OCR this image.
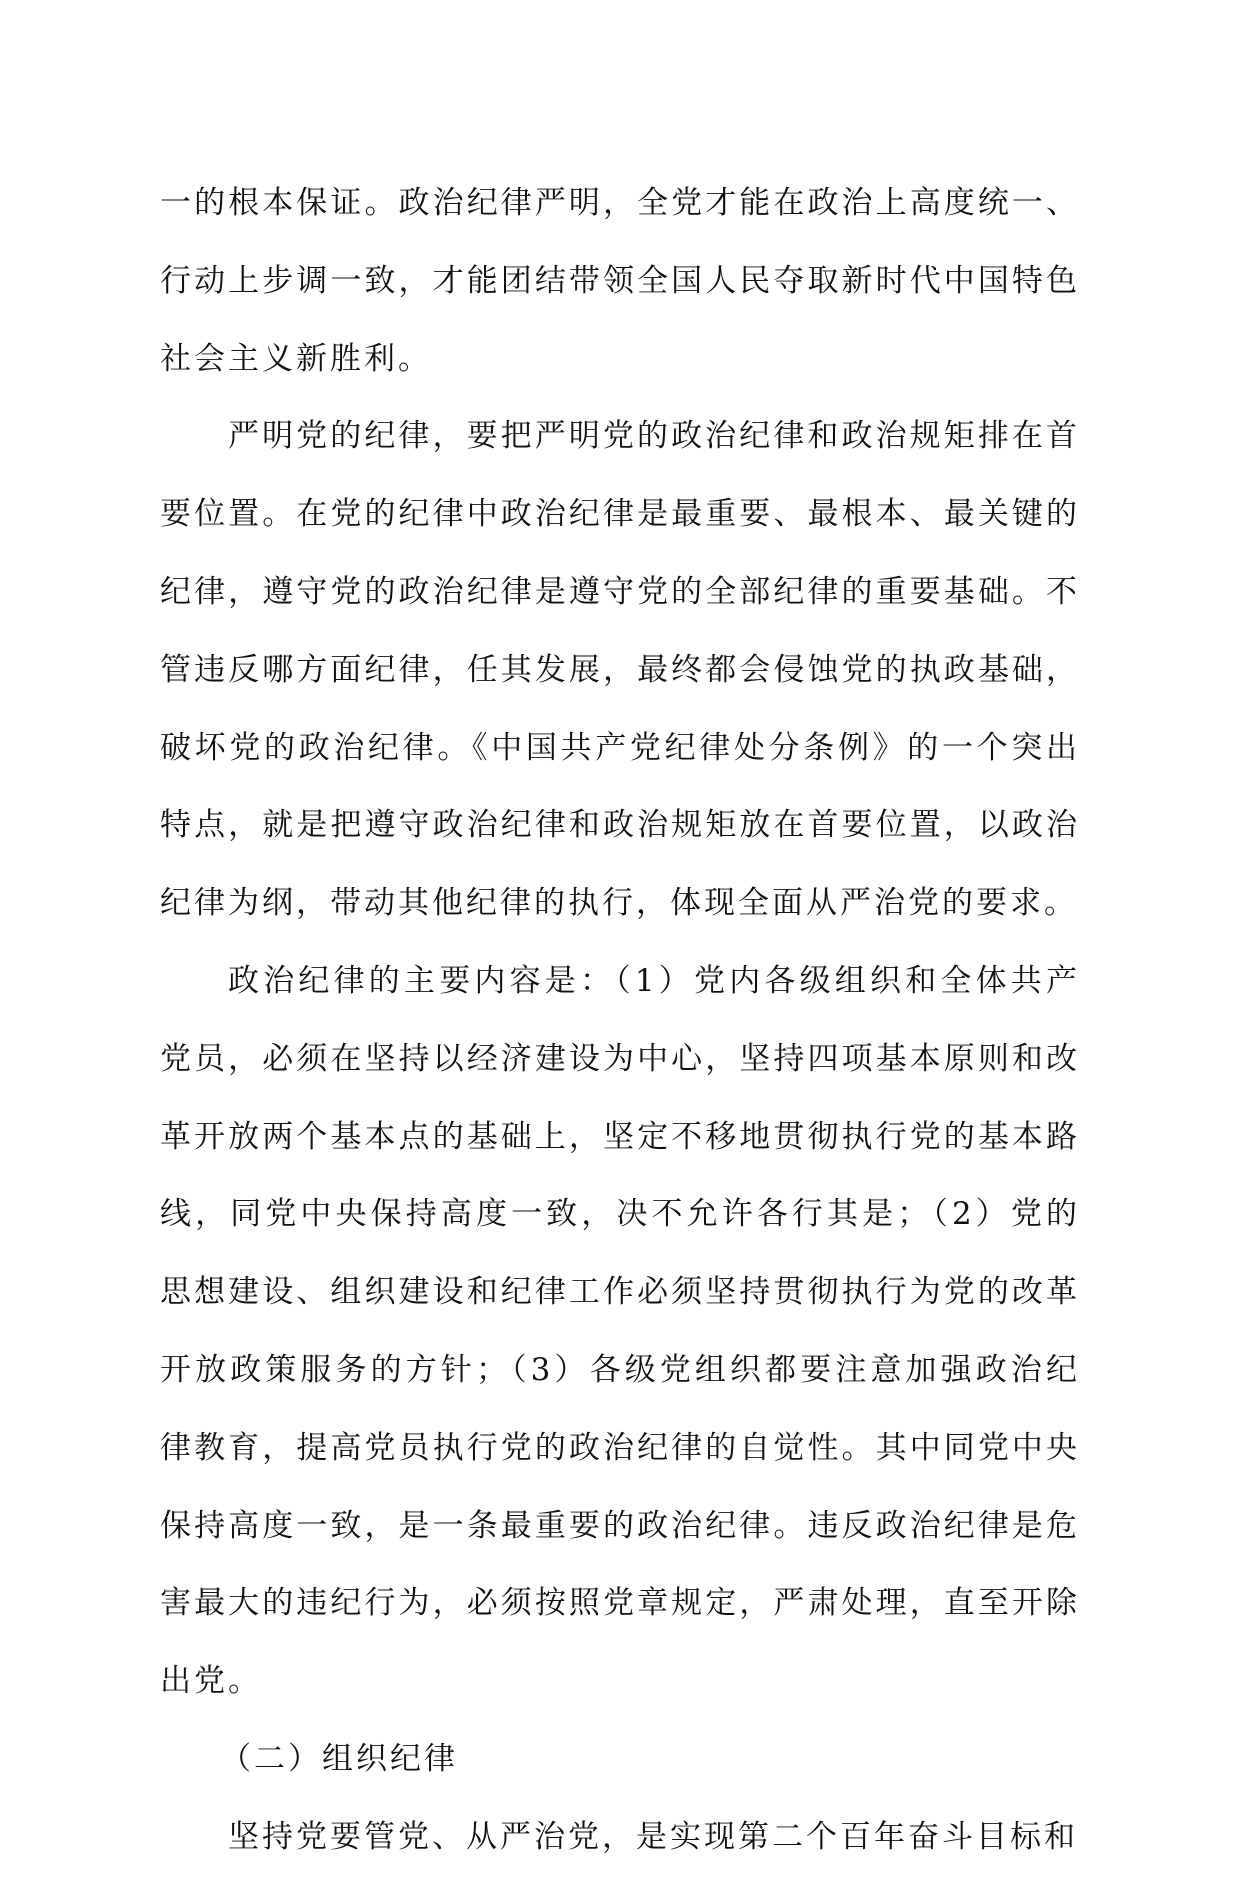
一的根本保证。政治纪律严明，全党才能在政治上高度统一、行动上步调一致，才能团结带领全国人民夺取新时代中国特色社会主义新胜利。

严明党的纪律，要把严明党的政治纪律和政治规矩排在首要位置。在党的纪律中政治纪律是最重要、最根本、最关键的纪律，遵守党的政治纪律是遵守党的全部纪律的重要基础。不管违反哪方面纪律，任其发展，最终都会侵蚀党的执政基础，破坏党的政治纪律。《中国共产党纪律处分条例》的一个突出特点，就是把遵守政治纪律和政治规矩放在首要位置，以政治纪律为纲，带动其他纪律的执行，体现全面从严治党的要求。

政治纪律的主要内容是：（1）党内各级组织和全体共产党员，必须在坚持以经济建设为中心，坚持四项基本原则和改革开放两个基本点的基础上，坚定不移地贯彻执行党的基本路线，同党中央保持高度一致，决不允许各行其是；（2）党的思想建设、组织建设和纪律工作必须坚持贯彻执行为党的改革开放政策服务的方针；（3）各级党组织都要注意加强政治纪律教育，提高党员执行党的政治纪律的自觉性。其中同党中央保持高度一致，是一条最重要的政治纪律。违反政治纪律是危害最大的违纪行为，必须按照党章规定，严肃处理，直至开除出党。

（二）组织纪律

坚持党要管党、从严治党，是实现第二个百年奋斗目标和
